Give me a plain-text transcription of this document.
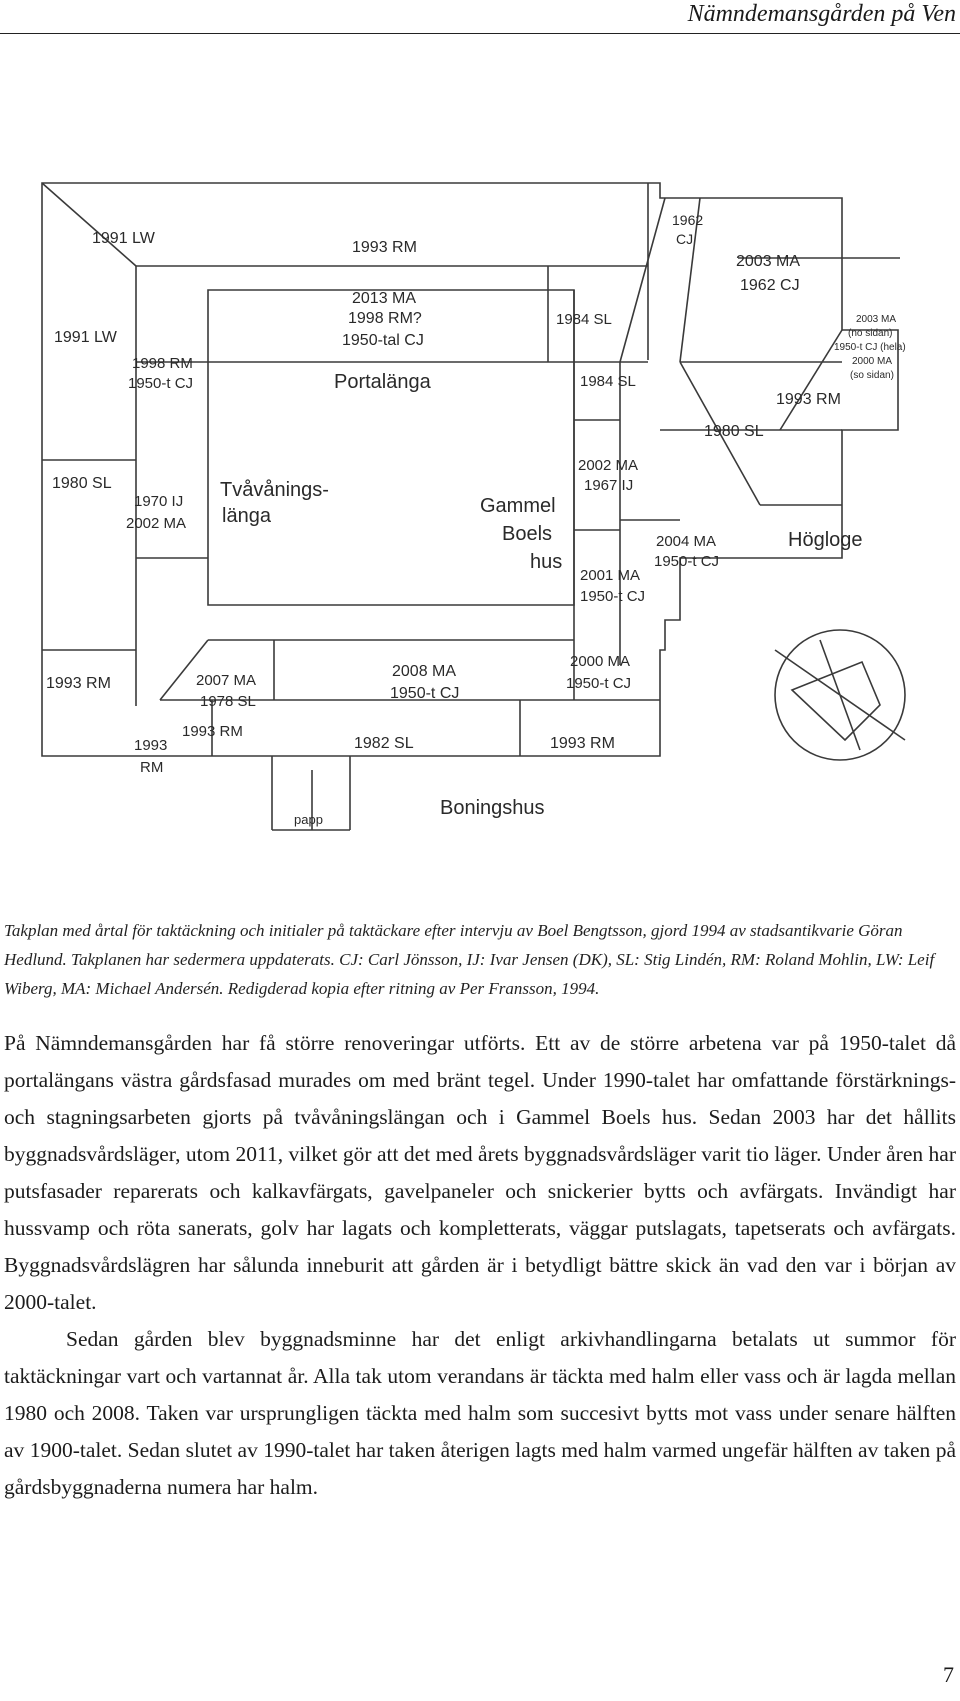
Nämndemansgården på Ven
1991 LW
1993 RM
1962
CJ
2003 MA
1962 CJ
2013 MA
1998 RM?
1950-tal CJ
1984 SL
1991 LW
1998 RM
1950-t CJ	Portalänga	1984 SL
2003 MA
(no sidan)
1950-t CJ (hela)
2000 MA
(so sidan)
1993 RM
1980 SL
1980 SL
1970 IJ
2002 MA
Tvåvånings-
länga
2002 MA
1967 IJ
Gammel
Boels
hus
2001 MA
1950-t CJ
2004 MA
1950-t CJ
Högloge
1993 RM	2007 MA
1978 SL
2008 MA
1950-t CJ
2000 MA
1950-t CJ
1993
RM
1993 RM
1982 SL	1993 RM
Boningshus
papp
Takplan med årtal för taktäckning och initialer på taktäckare efter intervju av Boel Bengtsson, gjord 1994 av stadsantikvarie Göran Hedlund. Takplanen har sedermera uppdaterats. CJ: Carl Jönsson, IJ: Ivar Jensen (DK), SL: Stig Lindén, RM: Roland Mohlin, LW: Leif Wiberg, MA: Michael Andersén. Redigderad kopia efter ritning av Per Fransson, 1994.

På Nämndemansgården har få större renoveringar utförts. Ett av de större arbetena var på 1950-talet då portalängans västra gårdsfasad murades om med bränt tegel. Under 1990-talet har omfattande förstärknings- och stagningsarbeten gjorts på tvåvåningslängan och i Gammel Boels hus. Sedan 2003 har det hållits byggnadsvårdsläger, utom 2011, vilket gör att det med årets byggnadsvårdsläger varit tio läger. Under åren har putsfasader reparerats och kalkavfärgats, gavelpaneler och snickerier bytts och avfärgats. Invändigt har hussvamp och röta sanerats, golv har lagats och kompletterats, väggar putslagats, tapetserats och avfärgats. Byggnadsvårdslägren har sålunda inneburit att gården är i betydligt bättre skick än vad den var i början av 2000-talet.

Sedan gården blev byggnadsminne har det enligt arkivhandlingarna betalats ut summor för taktäckningar vart och vartannat år. Alla tak utom verandans är täckta med halm eller vass och är lagda mellan 1980 och 2008. Taken var ursprungligen täckta med halm som succesivt bytts mot vass under senare hälften av 1900-talet. Sedan slutet av 1990-talet har taken återigen lagts med halm varmed ungefär hälften av taken på gårdsbyggnaderna numera har halm.

7
